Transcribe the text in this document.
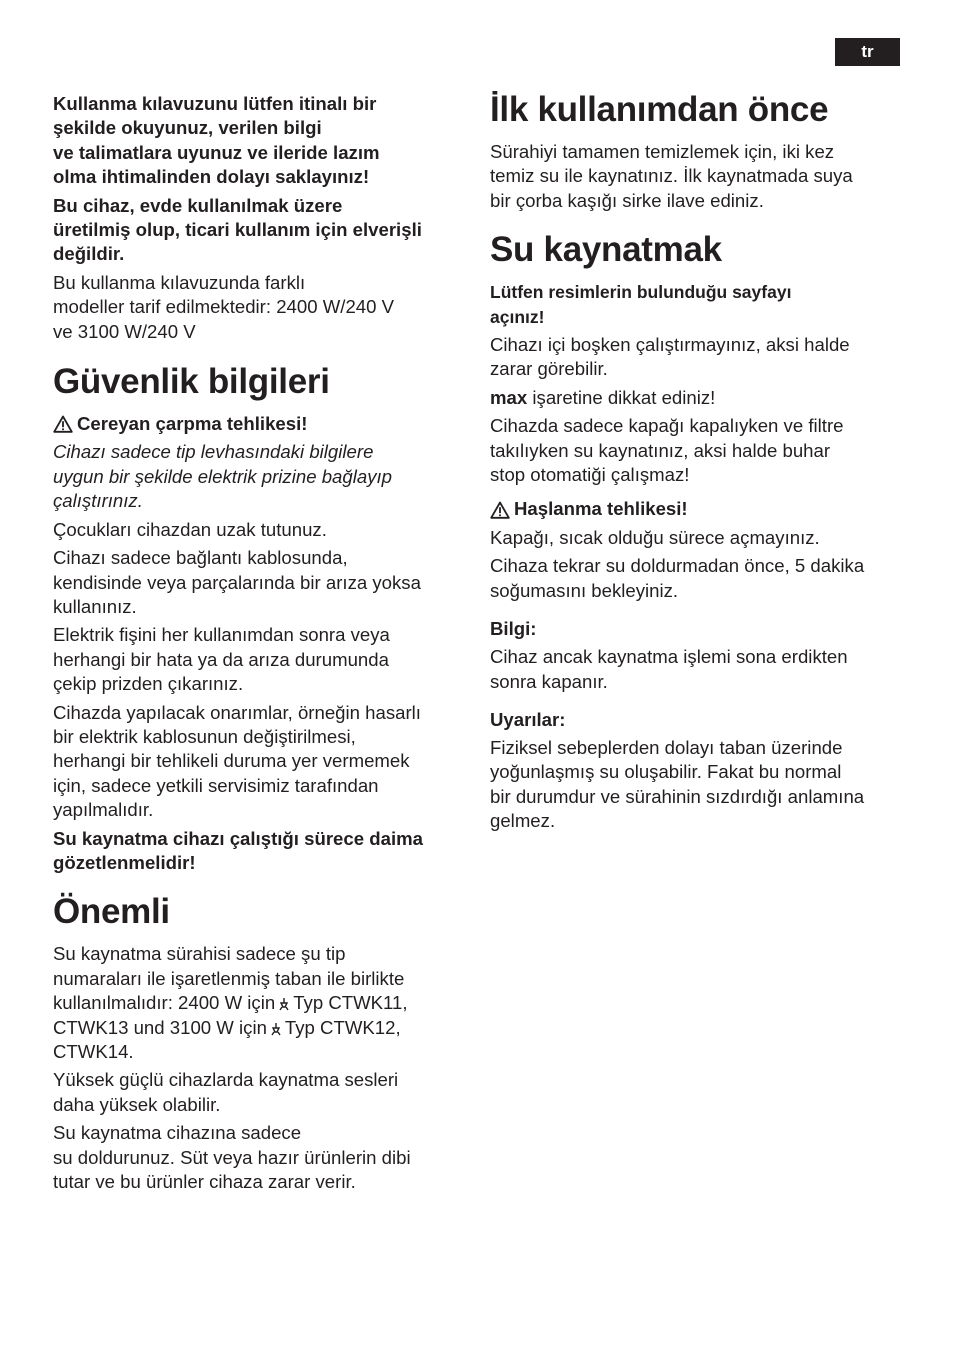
tr

Kullanma kılavuzunu lütfen itinalı bir
şekilde okuyunuz, verilen bilgi
ve talimatlara uyunuz ve ileride lazım
olma ihtimalinden dolayı saklayınız!

Bu cihaz, evde kullanılmak üzere
üretilmiş olup, ticari kullanım için elverişli
değildir.

Bu kullanma kılavuzunda farklı
modeller tarif edilmektedir: 2400 W/240 V
ve 3100 W/240 V

Güvenlik bilgileri
Cereyan çarpma tehlikesi!

Cihazı sadece tip levhasındaki bilgilere
uygun bir şekilde elektrik prizine bağlayıp
çalıştırınız.

Çocukları cihazdan uzak tutunuz.

Cihazı sadece bağlantı kablosunda,
kendisinde veya parçalarında bir arıza yoksa
kullanınız.

Elektrik fişini her kullanımdan sonra veya
herhangi bir hata ya da arıza durumunda
çekip prizden çıkarınız.

Cihazda yapılacak onarımlar, örneğin hasarlı
bir elektrik kablosunun değiştirilmesi,
herhangi bir tehlikeli duruma yer vermemek
için, sadece yetkili servisimiz tarafından
yapılmalıdır.

Su kaynatma cihazı çalıştığı sürece daima
gözetlenmelidir!

Önemli

Su kaynatma sürahisi sadece şu tip
numaraları ile işaretlenmiş taban ile birlikte
kullanılmalıdır: 2400 W için Typ CTWK11,
CTWK13 und 3100 W için Typ CTWK12,
CTWK14.

Yüksek güçlü cihazlarda kaynatma sesleri
daha yüksek olabilir.

Su kaynatma cihazına sadece
su doldurunuz. Süt veya hazır ürünlerin dibi
tutar ve bu ürünler cihaza zarar verir.

İlk kullanımdan önce

Sürahiyi tamamen temizlemek için, iki kez
temiz su ile kaynatınız. İlk kaynatmada suya
bir çorba kaşığı sirke ilave ediniz.

Su kaynatmak

Lütfen resimlerin bulunduğu sayfayı
açınız!

Cihazı içi boşken çalıştırmayınız, aksi halde
zarar görebilir.

max işaretine dikkat ediniz!

Cihazda sadece kapağı kapalıyken ve filtre
takılıyken su kaynatınız, aksi halde buhar
stop otomatiği çalışmaz!

Haşlanma tehlikesi!

Kapağı, sıcak olduğu sürece açmayınız.

Cihaza tekrar su doldurmadan önce, 5 dakika
soğumasını bekleyiniz.

Bilgi:

Cihaz ancak kaynatma işlemi sona erdikten
sonra kapanır.

Uyarılar:

Fiziksel sebeplerden dolayı taban üzerinde
yoğunlaşmış su oluşabilir. Fakat bu normal
bir durumdur ve sürahinin sızdırdığı anlamına
gelmez.
